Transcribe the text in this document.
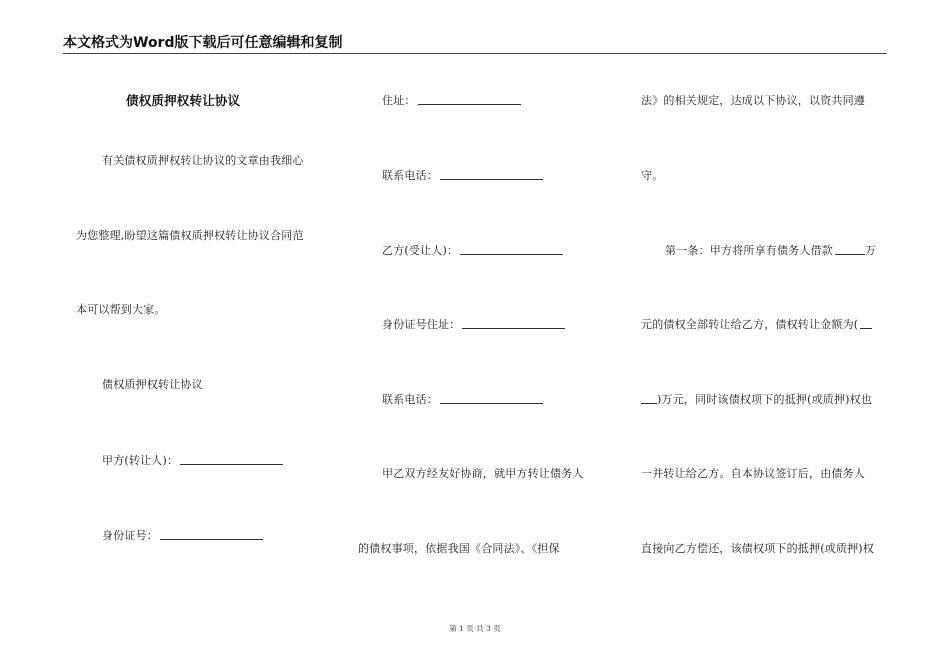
本文格式为Word版下载后可任意编辑和复制
债权质押权转让协议
有关债权质押权转让协议的文章由我细心
为您整理,盼望这篇债权质押权转让协议合同范
本可以帮到大家。
债权质押权转让协议
甲方(转让人)：
身份证号：
住址：
联系电话：
乙方(受让人)：
身份证号住址：
联系电话：
甲乙双方经友好协商，就甲方转让债务人
的债权事项，依据我国《合同法》、《担保
法》的相关规定，达成以下协议，以资共同遵
守。
第一条：甲方将所享有债务人借款	万
元的债权全部转让给乙方，债权转让金额为(
)万元，同时该债权项下的抵押(或质押)权也
一并转让给乙方。自本协议签订后，由债务人
直接向乙方偿还，该债权项下的抵押(或质押)权
第 1 页 共 3 页
